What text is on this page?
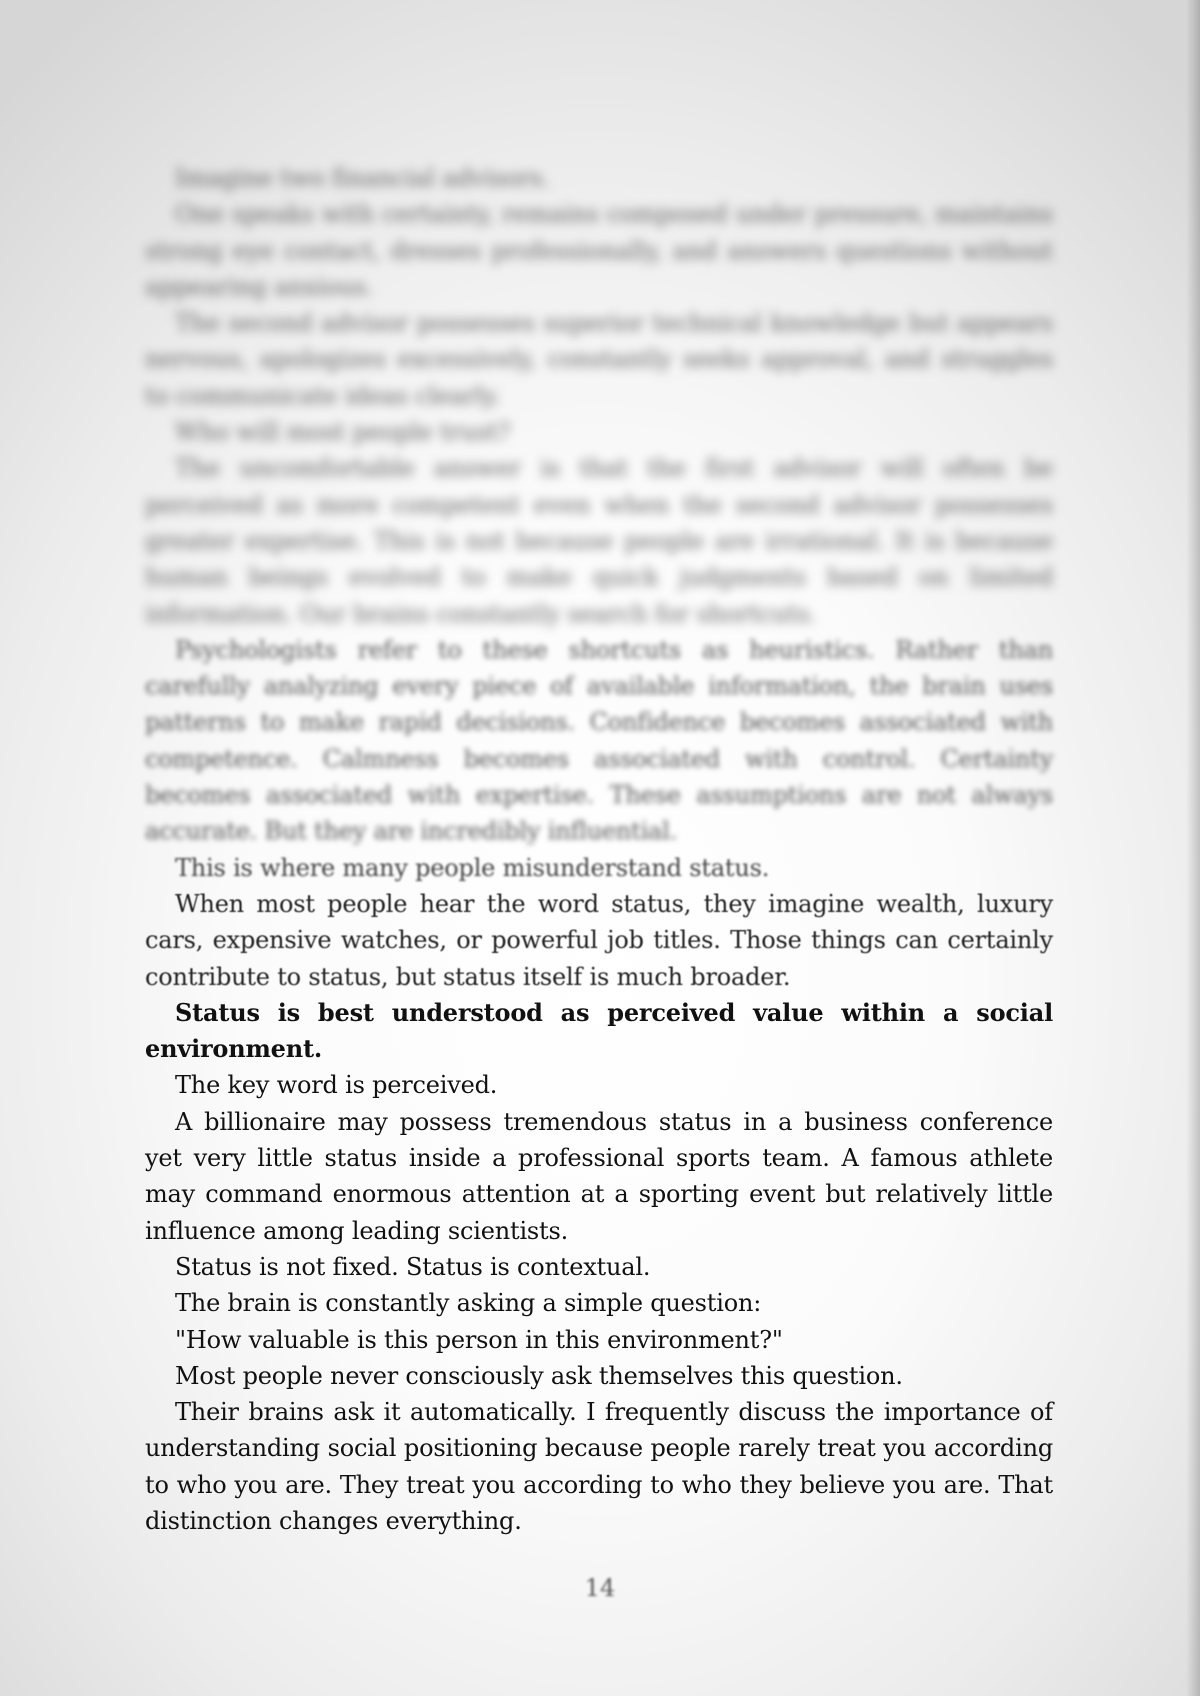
Imagine two financial advisors.

One speaks with certainty, remains composed under pressure, maintains strong eye contact, dresses professionally, and answers questions without appearing anxious.

The second advisor possesses superior technical knowledge but appears nervous, apologizes excessively, constantly seeks approval, and struggles to communicate ideas clearly.

Who will most people trust?

The uncomfortable answer is that the first advisor will often be perceived as more competent even when the second advisor possesses greater expertise. This is not because people are irrational. It is because human beings evolved to make quick judgments based on limited information. Our brains constantly search for shortcuts.

Psychologists refer to these shortcuts as heuristics. Rather than carefully analyzing every piece of available information, the brain uses patterns to make rapid decisions. Confidence becomes associated with competence. Calmness becomes associated with control. Certainty becomes associated with expertise. These assumptions are not always accurate. But they are incredibly influential.

This is where many people misunderstand status.

When most people hear the word status, they imagine wealth, luxury cars, expensive watches, or powerful job titles. Those things can certainly contribute to status, but status itself is much broader.

Status is best understood as perceived value within a social environment.

The key word is perceived.

A billionaire may possess tremendous status in a business conference yet very little status inside a professional sports team. A famous athlete may command enormous attention at a sporting event but relatively little influence among leading scientists.

Status is not fixed. Status is contextual.

The brain is constantly asking a simple question:

"How valuable is this person in this environment?"

Most people never consciously ask themselves this question.

Their brains ask it automatically. I frequently discuss the importance of understanding social positioning because people rarely treat you according to who you are. They treat you according to who they believe you are. That distinction changes everything.

14
